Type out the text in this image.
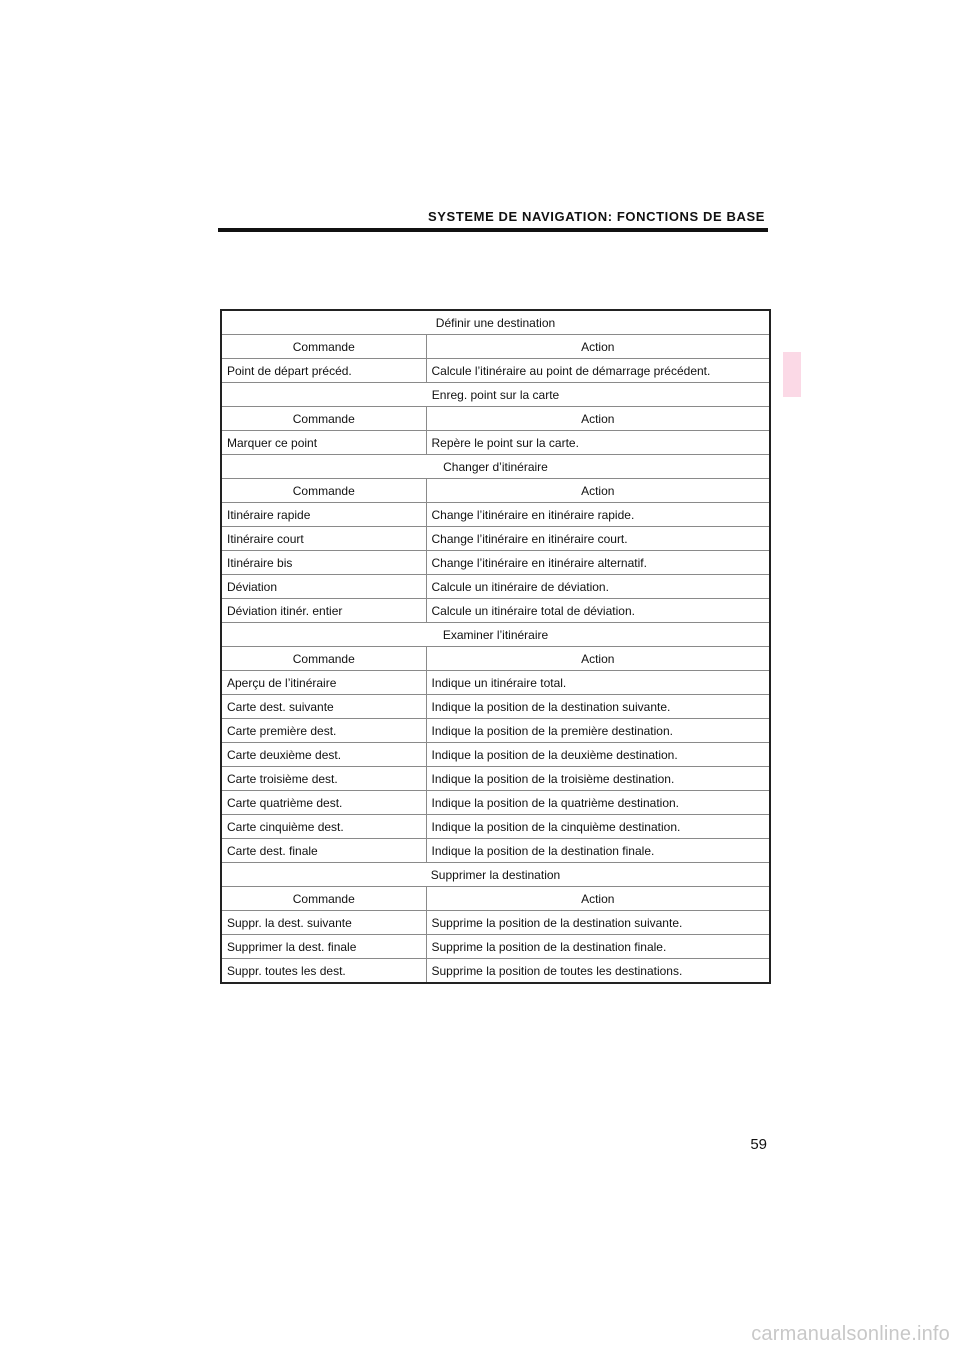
SYSTEME DE NAVIGATION: FONCTIONS DE BASE
Définir une destination	
Commande	Action
Point de départ précéd.	Calcule l’itinéraire au point de démarrage précédent.
Enreg. point sur la carte	
Commande	Action
Marquer ce point	Repère le point sur la carte.
Changer d’itinéraire	
Commande	Action
Itinéraire rapide	Change l’itinéraire en itinéraire rapide.
Itinéraire court	Change l’itinéraire en itinéraire court.
Itinéraire bis	Change l’itinéraire en itinéraire alternatif.
Déviation	Calcule un itinéraire de déviation.
Déviation itinér. entier	Calcule un itinéraire total de déviation.
Examiner l’itinéraire	
Commande	Action
Aperçu de l’itinéraire	Indique un itinéraire total.
Carte dest. suivante	Indique la position de la destination suivante.
Carte première dest.	Indique la position de la première destination.
Carte deuxième dest.	Indique la position de la deuxième destination.
Carte troisième dest.	Indique la position de la troisième destination.
Carte quatrième dest.	Indique la position de la quatrième destination.
Carte cinquième dest.	Indique la position de la cinquième destination.
Carte dest. finale	Indique la position de la destination finale.
Supprimer la destination	
Commande	Action
Suppr. la dest. suivante	Supprime la position de la destination suivante.
Supprimer la dest. finale	Supprime la position de la destination finale.
Suppr. toutes les dest.	Supprime la position de toutes les destinations.
59
carmanualsonline.info
